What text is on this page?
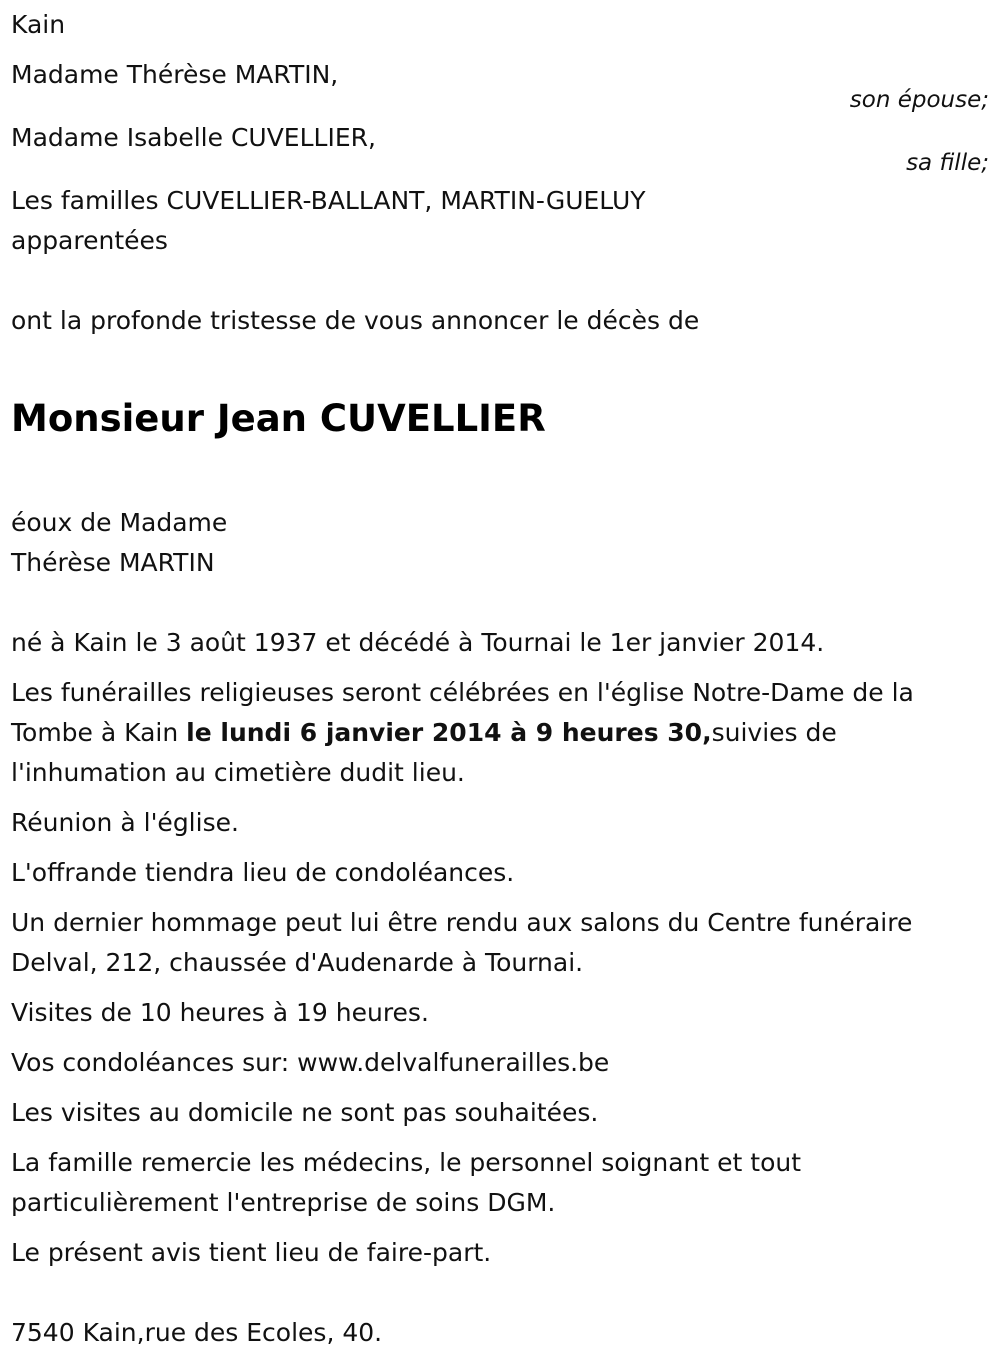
Kain

Madame Thérèse MARTIN,

son épouse;

Madame Isabelle CUVELLIER,

sa fille;

Les familles CUVELLIER-BALLANT, MARTIN-GUELUY

apparentées

ont la profonde tristesse de vous annoncer le décès de

Monsieur Jean CUVELLIER

éoux de Madame

Thérèse MARTIN

né à Kain le 3 août 1937 et décédé à Tournai le 1er janvier 2014.

Les funérailles religieuses seront célébrées en l'église Notre-Dame de la

Tombe à Kain le lundi 6 janvier 2014 à 9 heures 30,suivies de

l'inhumation au cimetière dudit lieu.

Réunion à l'église.

L'offrande tiendra lieu de condoléances.

Un dernier hommage peut lui être rendu aux salons du Centre funéraire

Delval, 212, chaussée d'Audenarde à Tournai.

Visites de 10 heures à 19 heures.

Vos condoléances sur: www.delvalfunerailles.be

Les visites au domicile ne sont pas souhaitées.

La famille remercie les médecins, le personnel soignant et tout

particulièrement l'entreprise de soins DGM.

Le présent avis tient lieu de faire-part.

7540 Kain,rue des Ecoles, 40.
